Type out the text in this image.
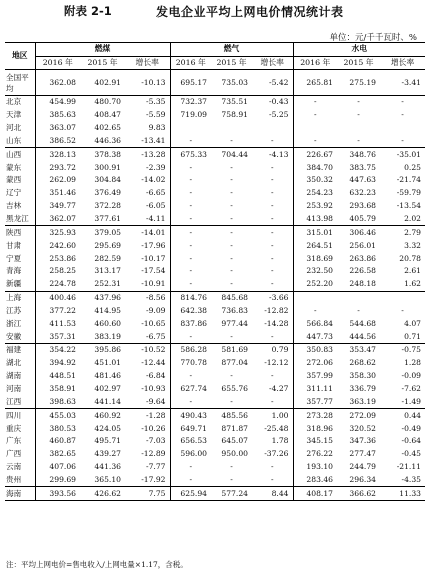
附表 2-1	发电企业平均上网电价情况统计表
单位：元/千千瓦时、%
地区	燃煤			燃气			水电		
	2016 年	2015 年	增长率	2016 年	2015 年	增长率	2016 年	2015 年	增长率
全国平均	362.08	402.91	-10.13	695.17	735.03	-5.42	265.81	275.19	-3.41
北京	454.99	480.70	-5.35	732.37	735.51	-0.43	-	-	-
天津	385.63	408.47	-5.59	719.09	758.91	-5.25	-	-	-
河北	363.07	402.65	9.83						
山东	386.52	446.36	-13.41	-	-	-	-	-	-
山西	328.13	378.38	-13.28	675.33	704.44	-4.13	226.67	348.76	-35.01
蒙东	293.72	300.91	-2.39	-	-	-	384.70	383.75	0.25
蒙西	262.09	304.84	-14.02	-	-	-	350.32	447.63	-21.74
辽宁	351.46	376.49	-6.65	-	-	-	254.23	632.23	-59.79
吉林	349.77	372.28	-6.05	-	-	-	253.92	293.68	-13.54
黑龙江	362.07	377.61	-4.11	-	-	-	413.98	405.79	2.02
陕西	325.93	379.05	-14.01	-	-	-	315.01	306.46	2.79
甘肃	242.60	295.69	-17.96	-	-	-	264.51	256.01	3.32
宁夏	253.86	282.59	-10.17	-	-	-	318.69	263.86	20.78
青海	258.25	313.17	-17.54	-	-	-	232.50	226.58	2.61
新疆	224.78	252.31	-10.91	-	-	-	252.20	248.18	1.62
上海	400.46	437.96	-8.56	814.76	845.68	-3.66			
江苏	377.22	414.95	-9.09	642.38	736.83	-12.82	-	-	-
浙江	411.53	460.60	-10.65	837.86	977.44	-14.28	566.84	544.68	4.07
安徽	357.31	383.19	-6.75	-	-	-	447.73	444.56	0.71
福建	354.22	395.86	-10.52	586.28	581.69	0.79	350.83	353.47	-0.75
湖北	394.92	451.01	-12.44	770.78	877.04	-12.12	272.06	268.62	1.28
湖南	448.51	481.46	-6.84	-	-	-	357.99	358.30	-0.09
河南	358.91	402.97	-10.93	627.74	655.76	-4.27	311.11	336.79	-7.62
江西	398.63	441.14	-9.64	-	-	-	357.77	363.19	-1.49
四川	455.03	460.92	-1.28	490.43	485.56	1.00	273.28	272.09	0.44
重庆	380.53	424.05	-10.26	649.71	871.87	-25.48	318.96	320.52	-0.49
广东	460.87	495.71	-7.03	656.53	645.07	1.78	345.15	347.36	-0.64
广西	382.65	439.27	-12.89	596.00	950.00	-37.26	276.22	277.47	-0.45
云南	407.06	441.36	-7.77	-	-	-	193.10	244.79	-21.11
贵州	299.69	365.10	-17.92	-	-	-	283.46	296.34	-4.35
海南	393.56	426.62	7.75	625.94	577.24	8.44	408.17	366.62	11.33
注：平均上网电价=售电收入/上网电量×1.17，含税。
